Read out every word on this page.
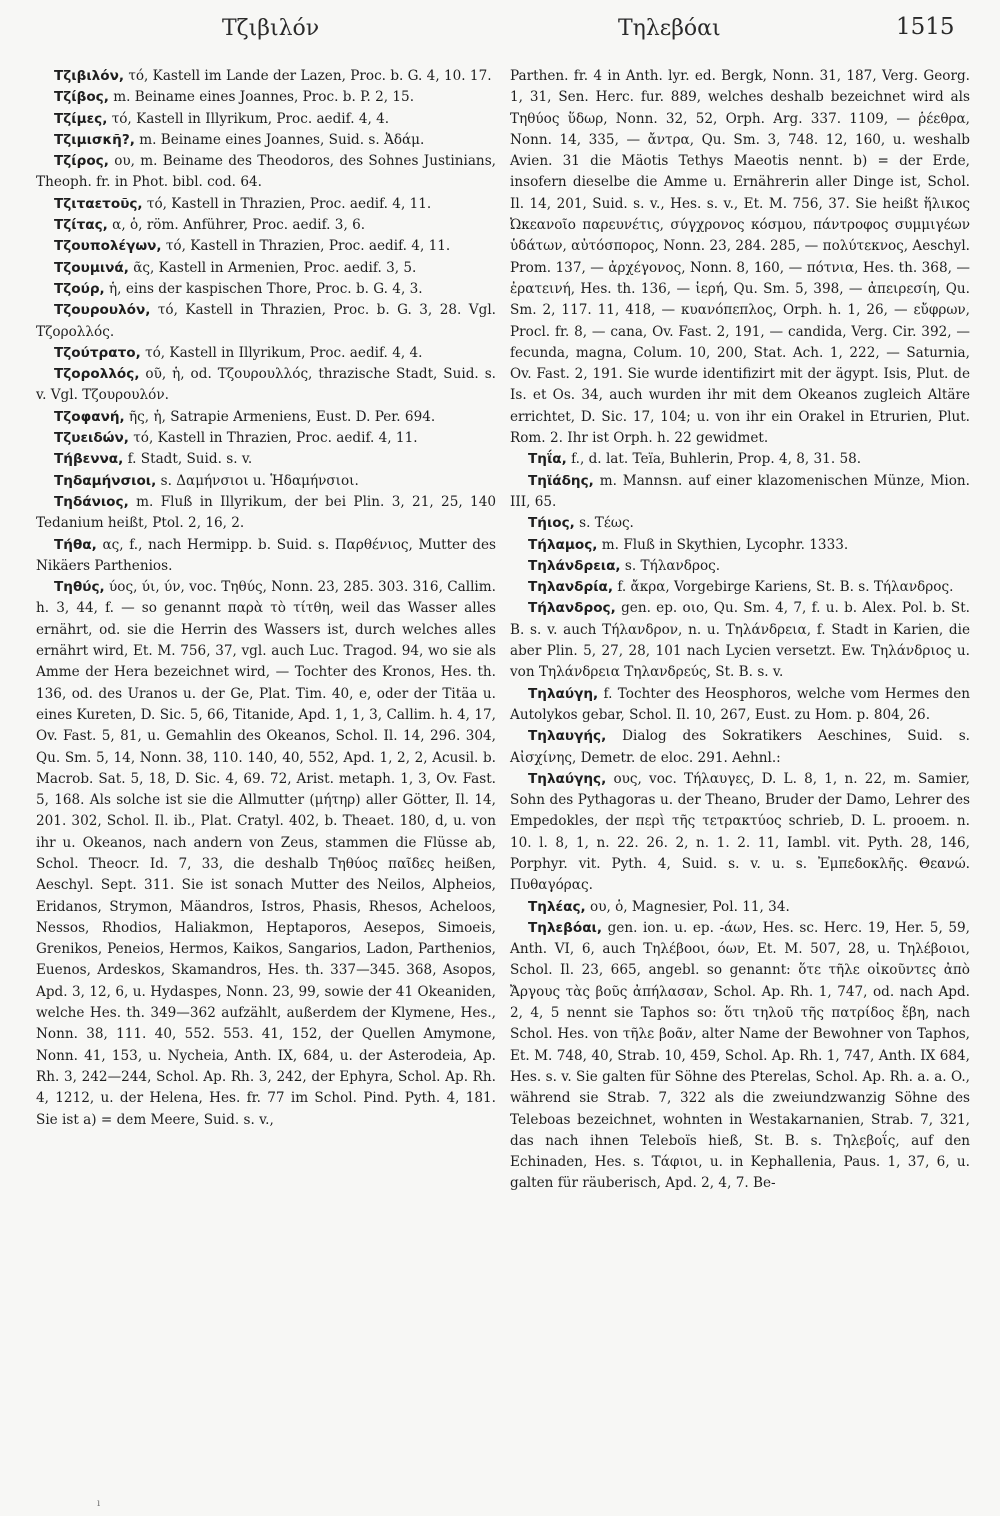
Τζιβιλόν	Τηλεβόαι	1515

Τζιβιλόν, τό, Kastell im Lande der Lazen, Proc. b. G. 4, 10. 17.

Τζίβος, m. Beiname eines Joannes, Proc. b. P. 2, 15.

Τζίμες, τό, Kastell in Illyrikum, Proc. aedif. 4, 4.

Τζιμισκῆ?, m. Beiname eines Joannes, Suid. s. Ἀδάμ.

Τζίρος, ου, m. Beiname des Theodoros, des Sohnes Justinians, Theoph. fr. in Phot. bibl. cod. 64.

Τζιταετοῦς, τό, Kastell in Thrazien, Proc. aedif. 4, 11.

Τζίτας, α, ὁ, röm. Anführer, Proc. aedif. 3, 6.

Τζουπολέγων, τό, Kastell in Thrazien, Proc. aedif. 4, 11.

Τζουμινά, ᾶς, Kastell in Armenien, Proc. aedif. 3, 5.

Τζούρ, ἡ, eins der kaspischen Thore, Proc. b. G. 4, 3.

Τζουρουλόν, τό, Kastell in Thrazien, Proc. b. G. 3, 28. Vgl. Τζορολλός.

Τζούτρατο, τό, Kastell in Illyrikum, Proc. aedif. 4, 4.

Τζορολλός, οῦ, ἡ, od. Τζουρουλλός, thrazische Stadt, Suid. s. v. Vgl. Τζουρουλόν.

Τζοφανή, ῆς, ἡ, Satrapie Armeniens, Eust. D. Per. 694.

Τζυειδών, τό, Kastell in Thrazien, Proc. aedif. 4, 11.

Τήβεννα, f. Stadt, Suid. s. v.

Τηδαμήνσιοι, s. Δαμήνσιοι u. Ἡδαμήνσιοι.

Τηδάνιος, m. Fluß in Illyrikum, der bei Plin. 3, 21, 25, 140 Tedanium heißt, Ptol. 2, 16, 2.

Τήθα, ας, f., nach Hermipp. b. Suid. s. Παρθένιος, Mutter des Nikäers Parthenios.

Τηθύς, ύος, ύι, ύν, voc. Τηθύς, Nonn. 23, 285. 303. 316, Callim. h. 3, 44, f. — so genannt παρὰ τὸ τίτθη, weil das Wasser alles ernährt, od. sie die Herrin des Wassers ist, durch welches alles ernährt wird, Et. M. 756, 37, vgl. auch Luc. Tragod. 94, wo sie als Amme der Hera bezeichnet wird, — Tochter des Kronos, Hes. th. 136, od. des Uranos u. der Ge, Plat. Tim. 40, e, oder der Titäa u. eines Kureten, D. Sic. 5, 66, Titanide, Apd. 1, 1, 3, Callim. h. 4, 17, Ov. Fast. 5, 81, u. Gemahlin des Okeanos, Schol. Il. 14, 296. 304, Qu. Sm. 5, 14, Nonn. 38, 110. 140, 40, 552, Apd. 1, 2, 2, Acusil. b. Macrob. Sat. 5, 18, D. Sic. 4, 69. 72, Arist. metaph. 1, 3, Ov. Fast. 5, 168. Als solche ist sie die Allmutter (μήτηρ) aller Götter, Il. 14, 201. 302, Schol. Il. ib., Plat. Cratyl. 402, b. Theaet. 180, d, u. von ihr u. Okeanos, nach andern von Zeus, stammen die Flüsse ab, Schol. Theocr. Id. 7, 33, die deshalb Τηθύος παῖδες heißen, Aeschyl. Sept. 311. Sie ist sonach Mutter des Neilos, Alpheios, Eridanos, Strymon, Mäandros, Istros, Phasis, Rhesos, Acheloos, Nessos, Rhodios, Haliakmon, Heptaporos, Aesepos, Simoeis, Grenikos, Peneios, Hermos, Kaikos, Sangarios, Ladon, Parthenios, Euenos, Ardeskos, Skamandros, Hes. th. 337—345. 368, Asopos, Apd. 3, 12, 6, u. Hydaspes, Nonn. 23, 99, sowie der 41 Okeaniden, welche Hes. th. 349—362 aufzählt, außerdem der Klymene, Hes., Nonn. 38, 111. 40, 552. 553. 41, 152, der Quellen Amymone, Nonn. 41, 153, u. Nycheia, Anth. IX, 684, u. der Asterodeia, Ap. Rh. 3, 242—244, Schol. Ap. Rh. 3, 242, der Ephyra, Schol. Ap. Rh. 4, 1212, u. der Helena, Hes. fr. 77 im Schol. Pind. Pyth. 4, 181. Sie ist a) = dem Meere, Suid. s. v.,

Parthen. fr. 4 in Anth. lyr. ed. Bergk, Nonn. 31, 187, Verg. Georg. 1, 31, Sen. Herc. fur. 889, welches deshalb bezeichnet wird als Τηθύος ὕδωρ, Nonn. 32, 52, Orph. Arg. 337. 1109, — ῥέεθρα, Nonn. 14, 335, — ἄντρα, Qu. Sm. 3, 748. 12, 160, u. weshalb Avien. 31 die Mäotis Tethys Maeotis nennt. b) = der Erde, insofern dieselbe die Amme u. Ernährerin aller Dinge ist, Schol. Il. 14, 201, Suid. s. v., Hes. s. v., Et. M. 756, 37. Sie heißt ἥλικος Ὠκεανοῖο παρευνέτις, σύγχρονος κόσμου, πάντροφος συμμιγέων ὑδάτων, αὐτόσπορος, Nonn. 23, 284. 285, — πολύτεκνος, Aeschyl. Prom. 137, — ἀρχέγονος, Nonn. 8, 160, — πότνια, Hes. th. 368, — ἐρατεινή, Hes. th. 136, — ἱερή, Qu. Sm. 5, 398, — ἀπειρεσίη, Qu. Sm. 2, 117. 11, 418, — κυανόπεπλος, Orph. h. 1, 26, — εὔφρων, Procl. fr. 8, — cana, Ov. Fast. 2, 191, — candida, Verg. Cir. 392, — fecunda, magna, Colum. 10, 200, Stat. Ach. 1, 222, — Saturnia, Ov. Fast. 2, 191. Sie wurde identifizirt mit der ägypt. Isis, Plut. de Is. et Os. 34, auch wurden ihr mit dem Okeanos zugleich Altäre errichtet, D. Sic. 17, 104; u. von ihr ein Orakel in Etrurien, Plut. Rom. 2. Ihr ist Orph. h. 22 gewidmet.

Τηΐα, f., d. lat. Teïa, Buhlerin, Prop. 4, 8, 31. 58.

Τηϊάδης, m. Mannsn. auf einer klazomenischen Münze, Mion. III, 65.

Τήιος, s. Τέως.

Τήλαμος, m. Fluß in Skythien, Lycophr. 1333.

Τηλάνδρεια, s. Τήλανδρος.

Τηλανδρία, f. ἄκρα, Vorgebirge Kariens, St. B. s. Τήλανδρος.

Τήλανδρος, gen. ep. οιο, Qu. Sm. 4, 7, f. u. b. Alex. Pol. b. St. B. s. v. auch Τήλανδρον, n. u. Τηλάνδρεια, f. Stadt in Karien, die aber Plin. 5, 27, 28, 101 nach Lycien versetzt. Ew. Τηλάνδριος u. von Τηλάνδρεια Τηλανδρεύς, St. B. s. v.

Τηλαύγη, f. Tochter des Heosphoros, welche vom Hermes den Autolykos gebar, Schol. Il. 10, 267, Eust. zu Hom. p. 804, 26.

Τηλαυγής, Dialog des Sokratikers Aeschines, Suid. s. Αἰσχίνης, Demetr. de eloc. 291. Aehnl.:

Τηλαύγης, ους, voc. Τήλαυγες, D. L. 8, 1, n. 22, m. Samier, Sohn des Pythagoras u. der Theano, Bruder der Damo, Lehrer des Empedokles, der περὶ τῆς τετρακτύος schrieb, D. L. prooem. n. 10. l. 8, 1, n. 22. 26. 2, n. 1. 2. 11, Iambl. vit. Pyth. 28, 146, Porphyr. vit. Pyth. 4, Suid. s. v. u. s. Ἐμπεδοκλῆς. Θεανώ. Πυθαγόρας.

Τηλέας, ου, ὁ, Magnesier, Pol. 11, 34.

Τηλεβόαι, gen. ion. u. ep. -άων, Hes. sc. Herc. 19, Her. 5, 59, Anth. VI, 6, auch Τηλέβοοι, όων, Et. M. 507, 28, u. Τηλέβοιοι, Schol. Il. 23, 665, angebl. so genannt: ὅτε τῆλε οἰκοῦντες ἀπὸ Ἄργους τὰς βοῦς ἀπήλασαν, Schol. Ap. Rh. 1, 747, od. nach Apd. 2, 4, 5 nennt sie Taphos so: ὅτι τηλοῦ τῆς πατρίδος ἔβη, nach Schol. Hes. von τῆλε βοᾶν, alter Name der Bewohner von Taphos, Et. M. 748, 40, Strab. 10, 459, Schol. Ap. Rh. 1, 747, Anth. IX 684, Hes. s. v. Sie galten für Söhne des Pterelas, Schol. Ap. Rh. a. a. O., während sie Strab. 7, 322 als die zweiundzwanzig Söhne des Teleboas bezeichnet, wohnten in Westakarnanien, Strab. 7, 321, das nach ihnen Teleboïs hieß, St. B. s. Τηλεβοΐς, auf den Echinaden, Hes. s. Τάφιοι, u. in Kephallenia, Paus. 1, 37, 6, u. galten für räuberisch, Apd. 2, 4, 7. Be-

ı
